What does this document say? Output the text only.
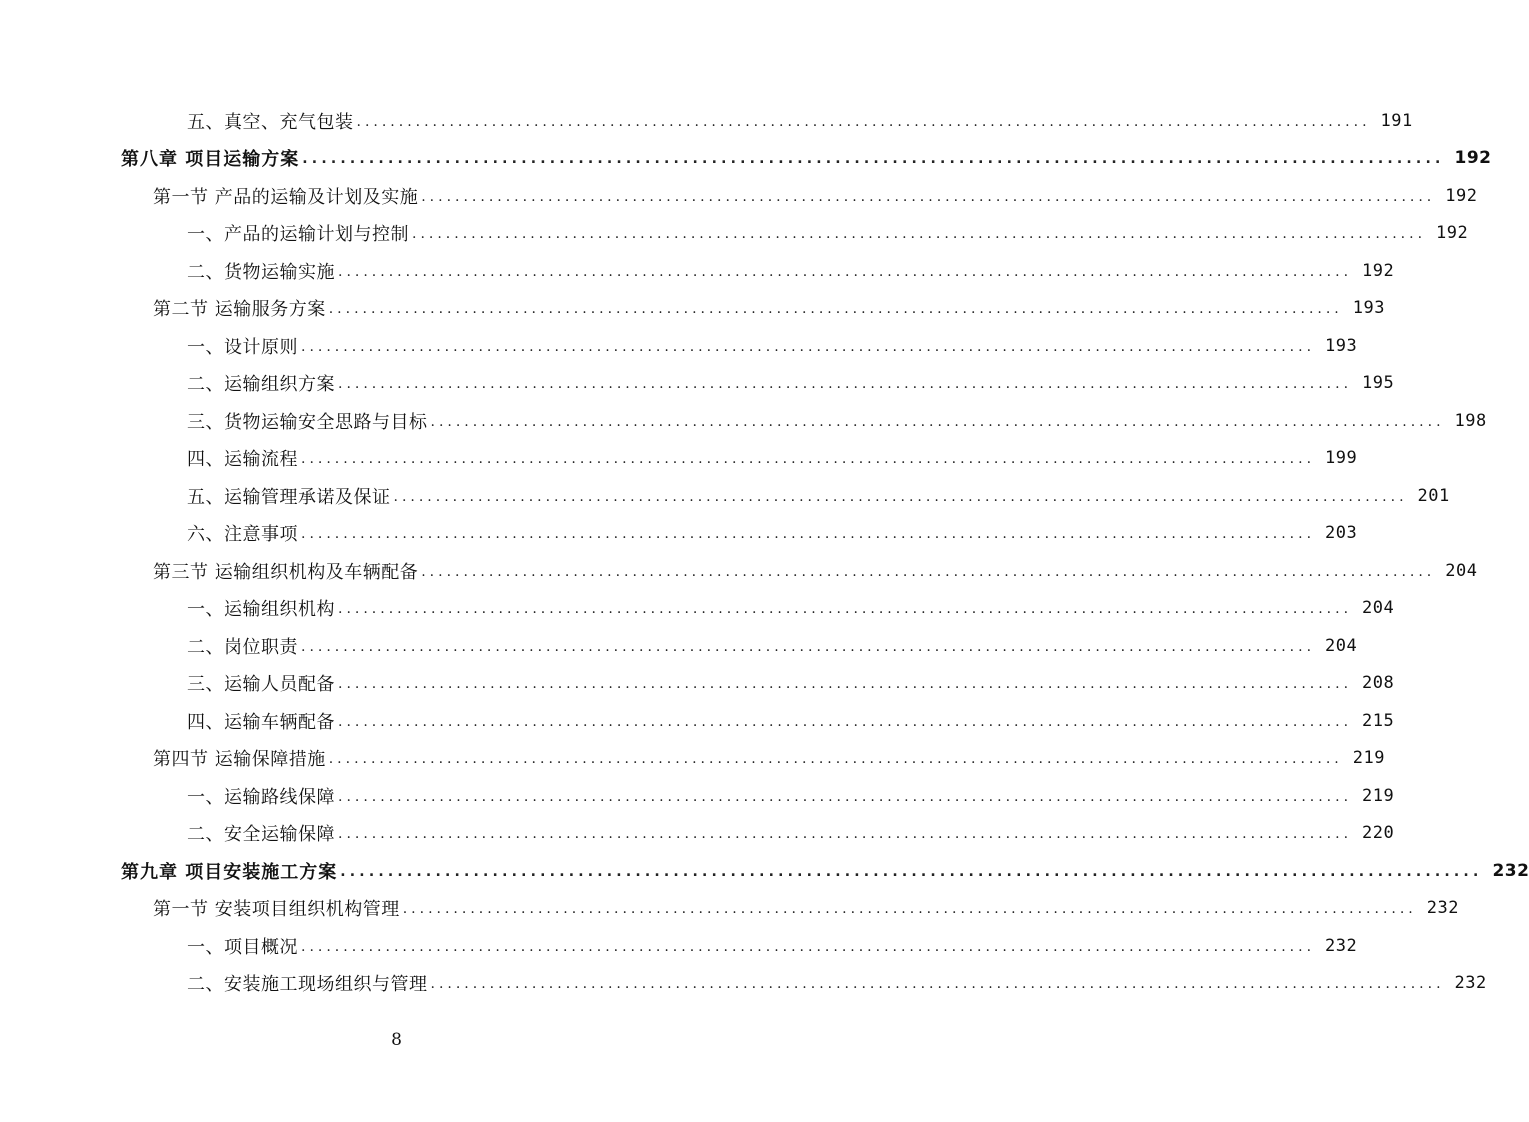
五、真空、充气包装 ........................................................................................................................ 191
第八章 项目运输方案 ........................................................................................................................ 192
第一节 产品的运输及计划及实施 ........................................................................................................................ 192
一、产品的运输计划与控制 ........................................................................................................................ 192
二、货物运输实施 ........................................................................................................................ 192
第二节 运输服务方案 ........................................................................................................................ 193
一、设计原则 ........................................................................................................................ 193
二、运输组织方案 ........................................................................................................................ 195
三、货物运输安全思路与目标 ........................................................................................................................ 198
四、运输流程 ........................................................................................................................ 199
五、运输管理承诺及保证 ........................................................................................................................ 201
六、注意事项 ........................................................................................................................ 203
第三节 运输组织机构及车辆配备 ........................................................................................................................ 204
一、运输组织机构 ........................................................................................................................ 204
二、岗位职责 ........................................................................................................................ 204
三、运输人员配备 ........................................................................................................................ 208
四、运输车辆配备 ........................................................................................................................ 215
第四节 运输保障措施 ........................................................................................................................ 219
一、运输路线保障 ........................................................................................................................ 219
二、安全运输保障 ........................................................................................................................ 220
第九章 项目安装施工方案 ........................................................................................................................ 232
第一节 安装项目组织机构管理 ........................................................................................................................ 232
一、项目概况 ........................................................................................................................ 232
二、安装施工现场组织与管理 ........................................................................................................................ 232
8
